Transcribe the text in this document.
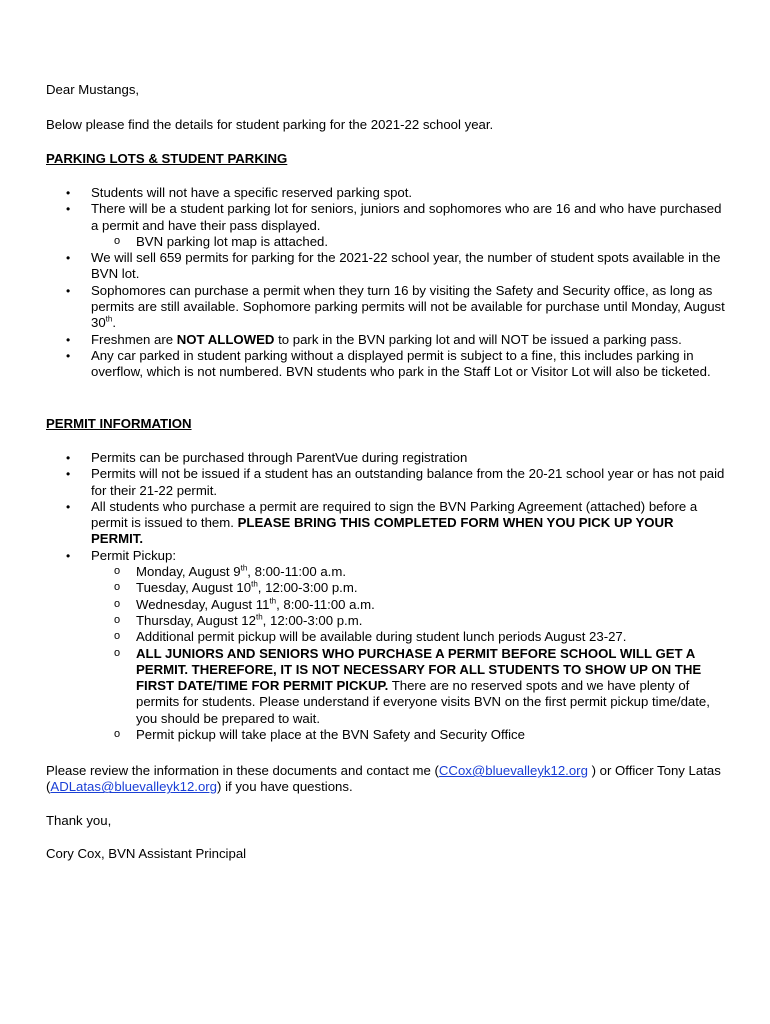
Dear Mustangs,

Below please find the details for student parking for the 2021-22 school year.

PARKING LOTS & STUDENT PARKING

• Students will not have a specific reserved parking spot.
• There will be a student parking lot for seniors, juniors and sophomores who are 16 and who have purchased a permit and have their pass displayed.
o BVN parking lot map is attached.
• We will sell 659 permits for parking for the 2021-22 school year, the number of student spots available in the BVN lot.
• Sophomores can purchase a permit when they turn 16 by visiting the Safety and Security office, as long as permits are still available. Sophomore parking permits will not be available for purchase until Monday, August 30th.
• Freshmen are NOT ALLOWED to park in the BVN parking lot and will NOT be issued a parking pass.
• Any car parked in student parking without a displayed permit is subject to a fine, this includes parking in overflow, which is not numbered. BVN students who park in the Staff Lot or Visitor Lot will also be ticketed.

PERMIT INFORMATION

• Permits can be purchased through ParentVue during registration
• Permits will not be issued if a student has an outstanding balance from the 20-21 school year or has not paid for their 21-22 permit.
• All students who purchase a permit are required to sign the BVN Parking Agreement (attached) before a permit is issued to them. PLEASE BRING THIS COMPLETED FORM WHEN YOU PICK UP YOUR PERMIT.
• Permit Pickup:
o Monday, August 9th, 8:00-11:00 a.m.
o Tuesday, August 10th, 12:00-3:00 p.m.
o Wednesday, August 11th, 8:00-11:00 a.m.
o Thursday, August 12th, 12:00-3:00 p.m.
o Additional permit pickup will be available during student lunch periods August 23-27.
o ALL JUNIORS AND SENIORS WHO PURCHASE A PERMIT BEFORE SCHOOL WILL GET A PERMIT. THEREFORE, IT IS NOT NECESSARY FOR ALL STUDENTS TO SHOW UP ON THE FIRST DATE/TIME FOR PERMIT PICKUP. There are no reserved spots and we have plenty of permits for students. Please understand if everyone visits BVN on the first permit pickup time/date, you should be prepared to wait.
o Permit pickup will take place at the BVN Safety and Security Office

Please review the information in these documents and contact me (CCox@bluevalleyk12.org ) or Officer Tony Latas (ADLatas@bluevalleyk12.org) if you have questions.

Thank you,

Cory Cox, BVN Assistant Principal
